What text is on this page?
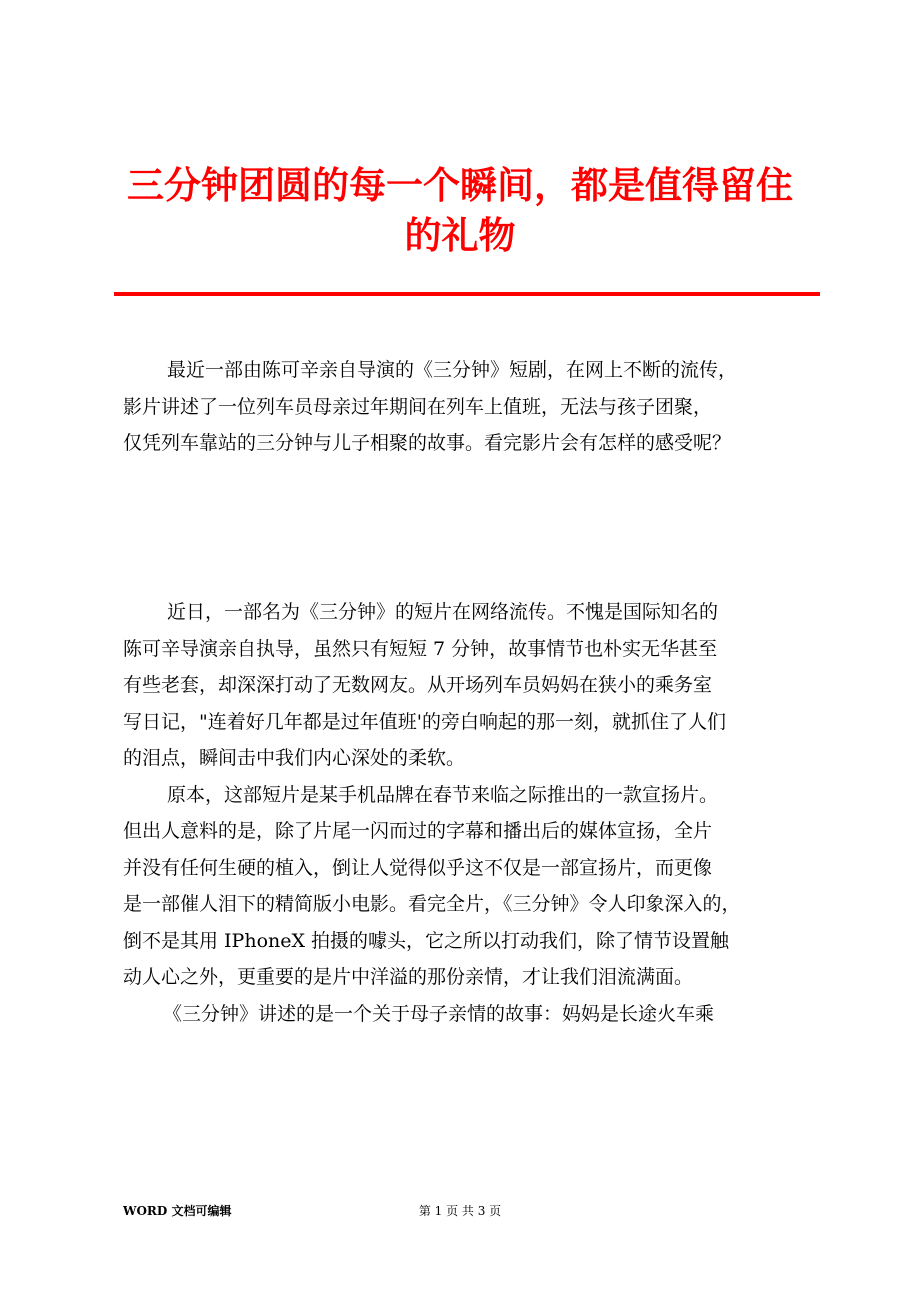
三分钟团圆的每一个瞬间，都是值得留住
的礼物
最近一部由陈可辛亲自导演的《三分钟》短剧，在网上不断的流传，
影片讲述了一位列车员母亲过年期间在列车上值班，无法与孩子团聚，
仅凭列车靠站的三分钟与儿子相聚的故事。看完影片会有怎样的感受呢？
近日，一部名为《三分钟》的短片在网络流传。不愧是国际知名的
陈可辛导演亲自执导，虽然只有短短 7 分钟，故事情节也朴实无华甚至
有些老套，却深深打动了无数网友。从开场列车员妈妈在狭小的乘务室
写日记，"连着好几年都是过年值班'的旁白响起的那一刻，就抓住了人们
的泪点，瞬间击中我们内心深处的柔软。
原本，这部短片是某手机品牌在春节来临之际推出的一款宣扬片。
但出人意料的是，除了片尾一闪而过的字幕和播出后的媒体宣扬，全片
并没有任何生硬的植入，倒让人觉得似乎这不仅是一部宣扬片，而更像
是一部催人泪下的精简版小电影。看完全片，《三分钟》令人印象深入的，
倒不是其用 IPhoneX 拍摄的噱头，它之所以打动我们，除了情节设置触
动人心之外，更重要的是片中洋溢的那份亲情，才让我们泪流满面。
《三分钟》讲述的是一个关于母子亲情的故事：妈妈是长途火车乘
WORD 文档可编辑	第 1 页 共 3 页
